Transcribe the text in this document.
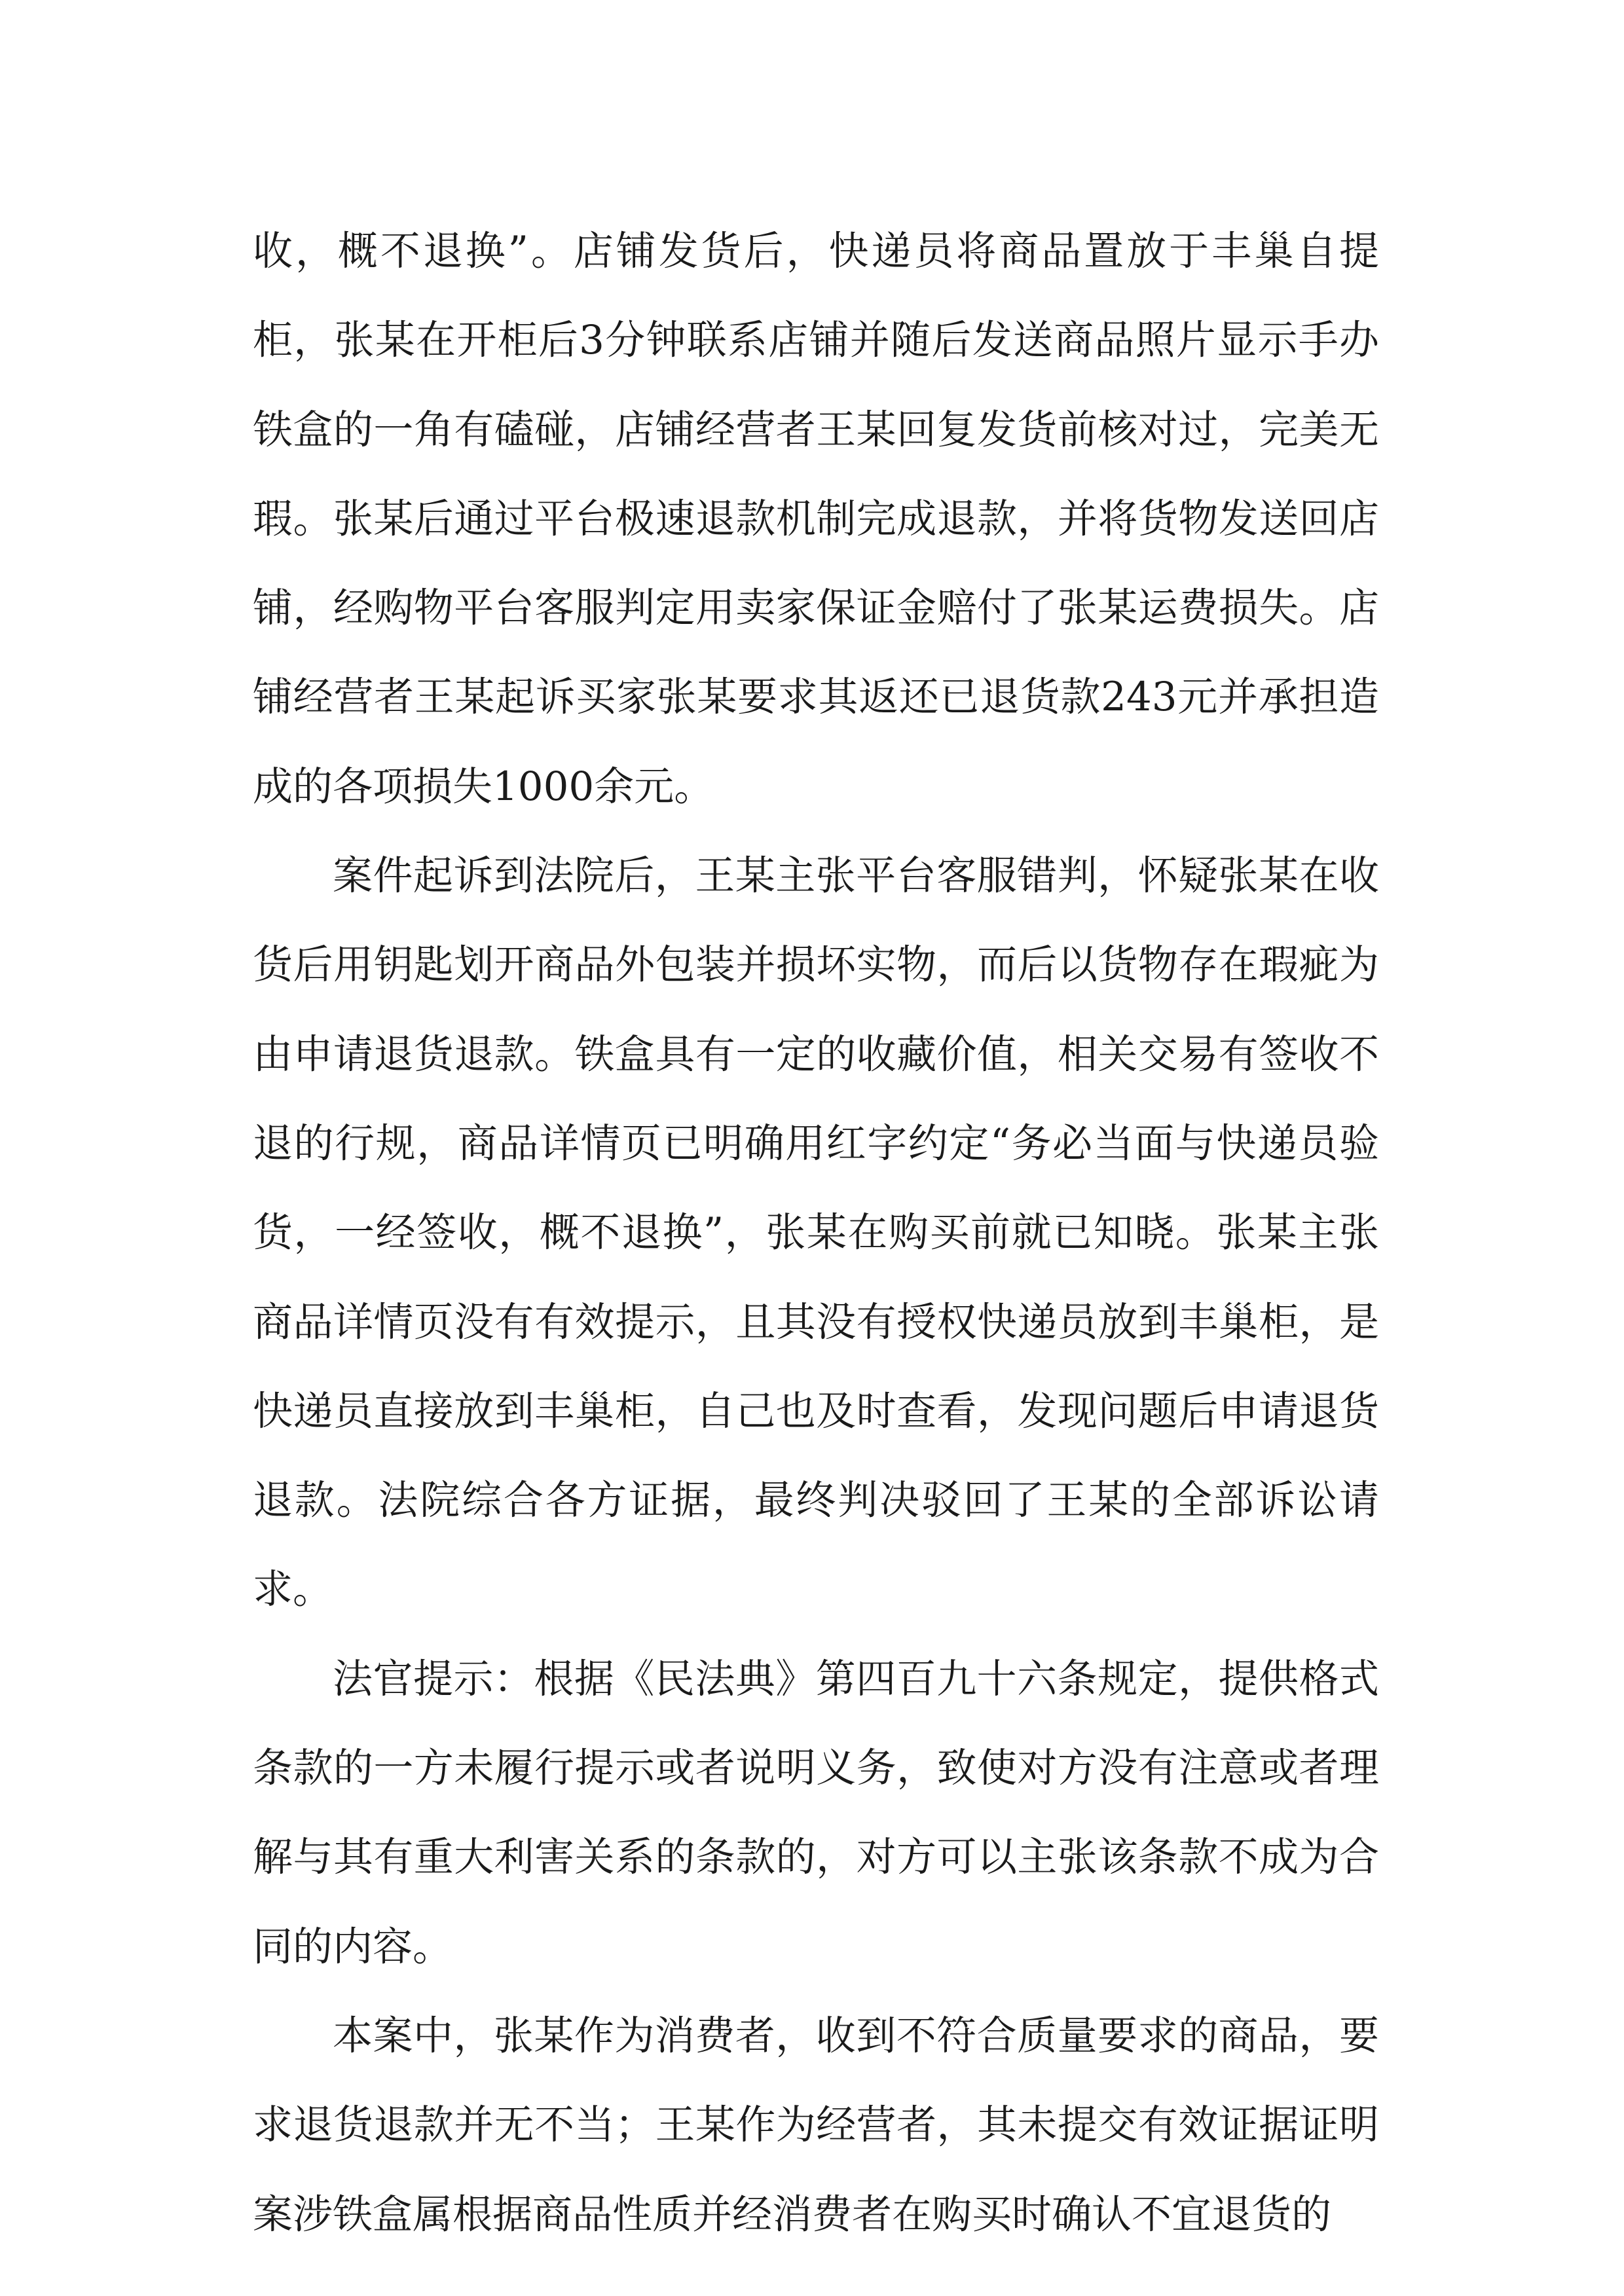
收，概不退换”。店铺发货后，快递员将商品置放于丰巢自提柜，张某在开柜后3分钟联系店铺并随后发送商品照片显示手办铁盒的一角有磕碰，店铺经营者王某回复发货前核对过，完美无瑕。张某后通过平台极速退款机制完成退款，并将货物发送回店铺，经购物平台客服判定用卖家保证金赔付了张某运费损失。店铺经营者王某起诉买家张某要求其返还已退货款243元并承担造成的各项损失1000余元。

案件起诉到法院后，王某主张平台客服错判，怀疑张某在收货后用钥匙划开商品外包装并损坏实物，而后以货物存在瑕疵为由申请退货退款。铁盒具有一定的收藏价值，相关交易有签收不退的行规，商品详情页已明确用红字约定“务必当面与快递员验货，一经签收，概不退换”，张某在购买前就已知晓。张某主张商品详情页没有有效提示，且其没有授权快递员放到丰巢柜，是快递员直接放到丰巢柜，自己也及时查看，发现问题后申请退货退款。法院综合各方证据，最终判决驳回了王某的全部诉讼请求。

法官提示：根据《民法典》第四百九十六条规定，提供格式条款的一方未履行提示或者说明义务，致使对方没有注意或者理解与其有重大利害关系的条款的，对方可以主张该条款不成为合同的内容。

本案中，张某作为消费者，收到不符合质量要求的商品，要求退货退款并无不当；王某作为经营者，其未提交有效证据证明案涉铁盒属根据商品性质并经消费者在购买时确认不宜退货的
